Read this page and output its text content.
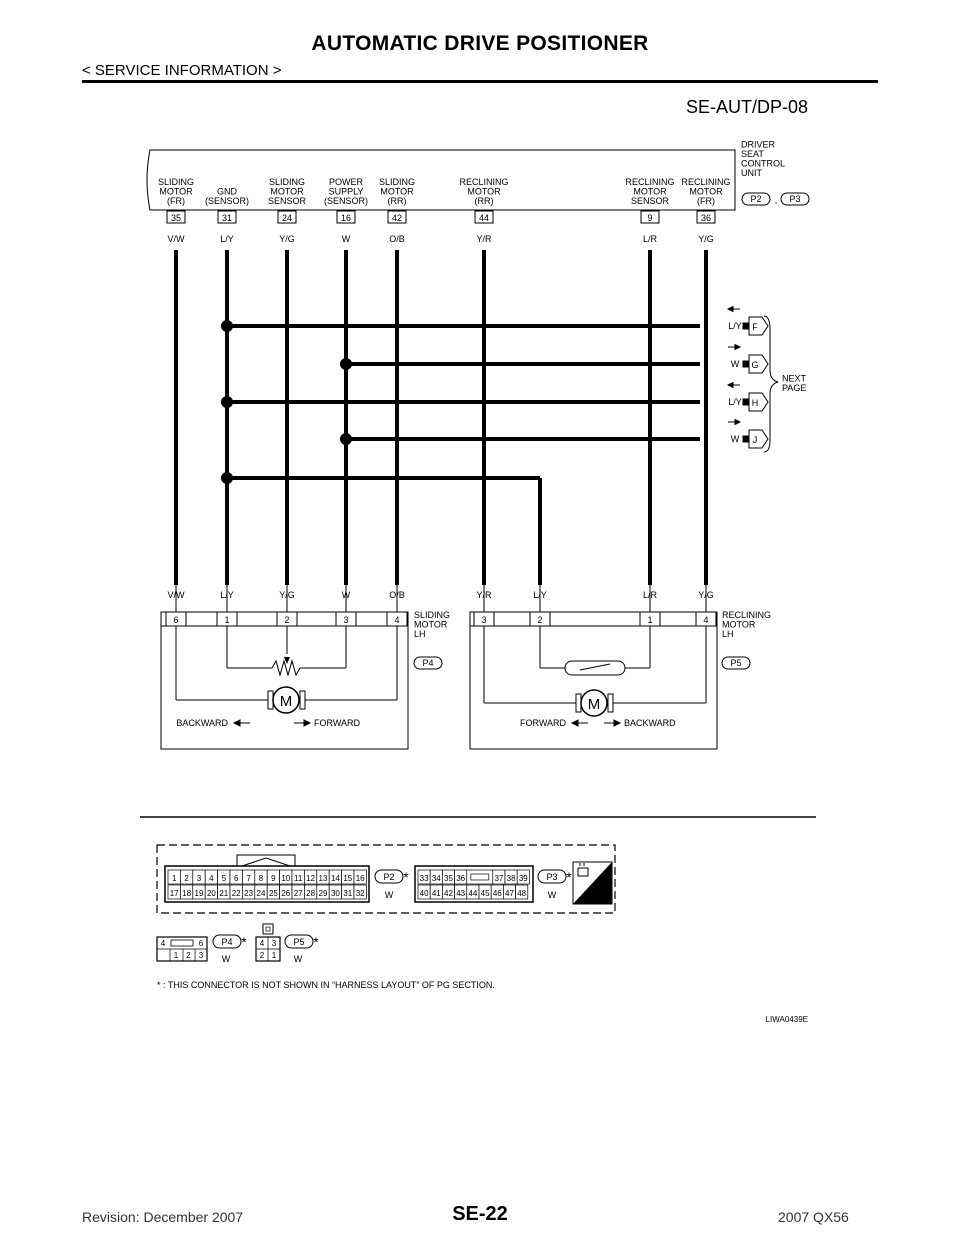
AUTOMATIC DRIVE POSITIONER
< SERVICE INFORMATION >
SE-AUT/DP-08
DRIVER
SEAT
CONTROL
UNIT
P2 , P3
SLIDING
MOTOR
(FR)
35
V/W
GND
(SENSOR)
31
L/Y
SLIDING
MOTOR
SENSOR
24
Y/G
POWER
SUPPLY
(SENSOR)
16
W
SLIDING
MOTOR
(RR)
42
O/B
RECLINING
MOTOR
(RR)
44
Y/R
RECLINING
MOTOR
SENSOR
9
L/R
RECLINING
MOTOR
(FR)
36
Y/G
L/Y F
W G
L/Y H
W J
NEXT
PAGE
V/W	L/Y	Y/G	W	O/B	Y/R	L/Y	L/R	Y/G
6	1	2	3	4 SLIDING
MOTOR
LH
P4
M
BACKWARD	FORWARD
3	2	1	4 RECLINING
MOTOR
LH
P5
M
FORWARD	BACKWARD
1 2 3 4 5 6 7 8 9 10 11 12 13 14 15 16
17 18 19 20 21 22 23 24 25 26 27 28 29 30 31 32
P2 *
W
33 34 35 36	37 38 39
40 41 42 43 44 45 46 47 48
P3 *
W	H.S.
4	6
1 2 3
P4 *
W
4 3
2 1
P5 *
W
* : THIS CONNECTOR IS NOT SHOWN IN “HARNESS LAYOUT” OF PG SECTION.
LIWA0439E
Revision: December 2007	SE-22	2007 QX56
